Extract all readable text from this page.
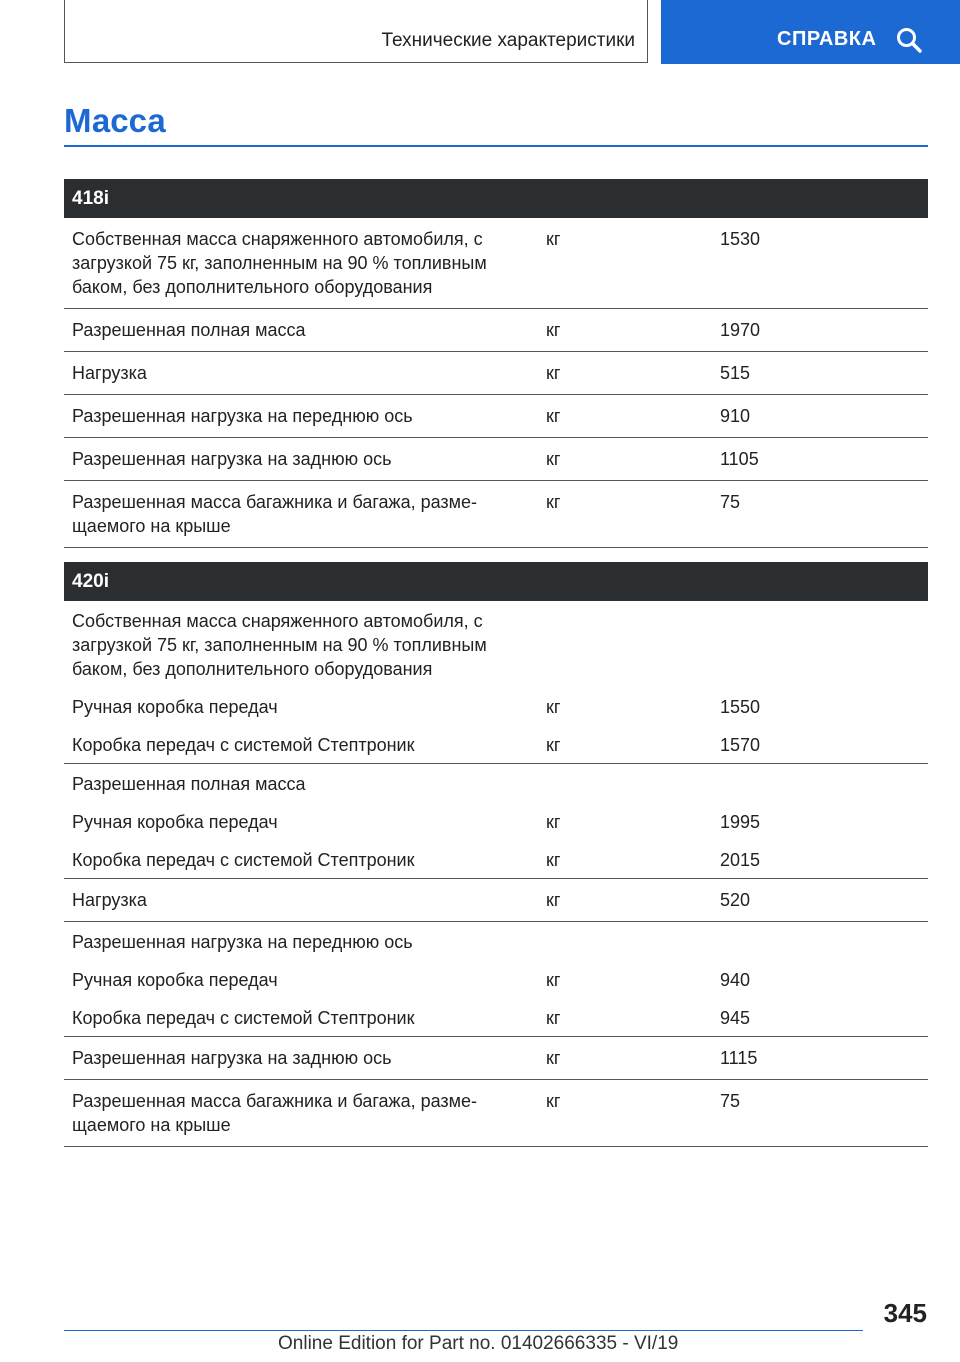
Технические характеристики	СПРАВКА
Масса
418i		
Собственная масса снаряженного автомобиля, с загрузкой 75 кг, заполненным на 90 % топливным баком, без дополнительного оборудования	кг	1530
Разрешенная полная масса	кг	1970
Нагрузка	кг	515
Разрешенная нагрузка на переднюю ось	кг	910
Разрешенная нагрузка на заднюю ось	кг	1105
Разрешенная масса багажника и багажа, размещаемого на крыше	кг	75
420i		
Собственная масса снаряженного автомобиля, с загрузкой 75 кг, заполненным на 90 % топливным баком, без дополнительного оборудования		
Ручная коробка передач	кг	1550
Коробка передач с системой Стептроник	кг	1570
Разрешенная полная масса		
Ручная коробка передач	кг	1995
Коробка передач с системой Стептроник	кг	2015
Нагрузка	кг	520
Разрешенная нагрузка на переднюю ось		
Ручная коробка передач	кг	940
Коробка передач с системой Стептроник	кг	945
Разрешенная нагрузка на заднюю ось	кг	1115
Разрешенная масса багажника и багажа, размещаемого на крыше	кг	75
345
Online Edition for Part no. 01402666335 - VI/19
